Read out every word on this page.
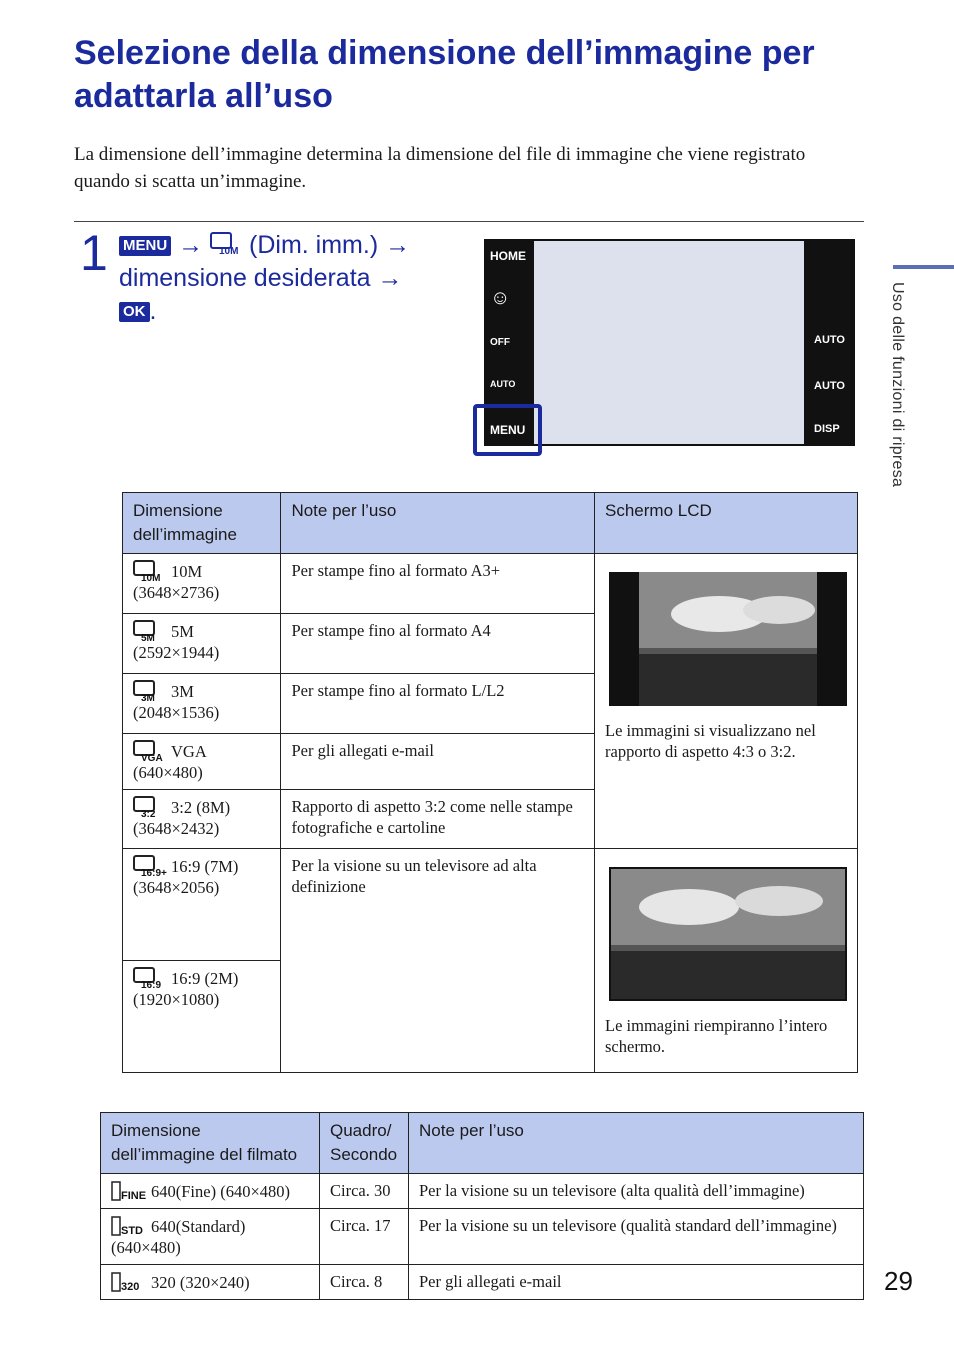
Selezione della dimensione dell’immagine per adattarla all’uso

La dimensione dell’immagine determina la dimensione del file di immagine che viene registrato quando si scatta un’immagine.

1 MENU → 10M (Dim. imm.) →
dimensione desiderata →
OK .
HOME
☺
OFF
AUTO
MENU
AUTO
AUTO
DISP	Uso delle funzioni di ripresa
Dimensione dell’immagine	Note per l’uso	Schermo LCD

10M 10M
(3648×2736)	Per stampe fino al formato A3+	Le immagini si visualizzano nel rapporto di aspetto 4:3 o 3:2.

5M 5M
(2592×1944)	Per stampe fino al formato A4	

3M 3M
(2048×1536)	Per stampe fino al formato L/L2	

VGA VGA
(640×480)	Per gli allegati e-mail	

3:2 3:2 (8M)
(3648×2432)	Rapporto di aspetto 3:2 come nelle stampe fotografiche e cartoline	

16:9+ 16:9 (7M)
(3648×2056)	Per la visione su un televisore ad alta definizione	Le immagini riempiranno l’intero schermo.

16:9 16:9 (2M)
(1920×1080)		
Dimensione dell’immagine del filmato	Quadro/ Secondo	Note per l’uso

FINE 640(Fine) (640×480)	Circa. 30	Per la visione su un televisore (alta qualità dell’immagine)

STD 640(Standard) (640×480)	Circa. 17	Per la visione su un televisore (qualità standard dell’immagine)

320 320 (320×240)	Circa. 8	Per gli allegati e-mail	29
